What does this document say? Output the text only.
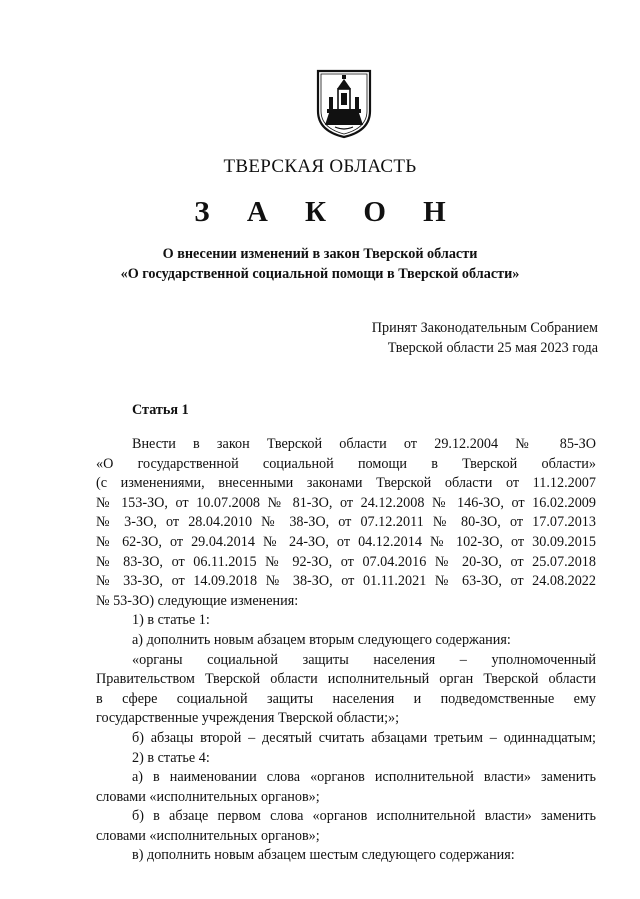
ТВЕРСКАЯ ОБЛАСТЬ
З А К О Н
О внесении изменений в закон Тверской области
«О государственной социальной помощи в Тверской области»
Принят Законодательным Собранием
Тверской области 25 мая 2023 года
Статья 1
Внести в закон Тверской области от 29.12.2004 № 85-ЗО
«О государственной социальной помощи в Тверской области»
(с изменениями, внесенными законами Тверской области от 11.12.2007
№ 153-ЗО, от 10.07.2008 № 81-ЗО, от 24.12.2008 № 146-ЗО, от 16.02.2009
№ 3-ЗО, от 28.04.2010 № 38-ЗО, от 07.12.2011 № 80-ЗО, от 17.07.2013
№ 62-ЗО, от 29.04.2014 № 24-ЗО, от 04.12.2014 № 102-ЗО, от 30.09.2015
№ 83-ЗО, от 06.11.2015 № 92-ЗО, от 07.04.2016 № 20-ЗО, от 25.07.2018
№ 33-ЗО, от 14.09.2018 № 38-ЗО, от 01.11.2021 № 63-ЗО, от 24.08.2022
№ 53-ЗО) следующие изменения:
1) в статье 1:
а) дополнить новым абзацем вторым следующего содержания:
«органы социальной защиты населения – уполномоченный
Правительством Тверской области исполнительный орган Тверской области
в сфере социальной защиты населения и подведомственные ему
государственные учреждения Тверской области;»;
б) абзацы второй – десятый считать абзацами третьим – одиннадцатым;
2) в статье 4:
а) в наименовании слова «органов исполнительной власти» заменить
словами «исполнительных органов»;
б) в абзаце первом слова «органов исполнительной власти» заменить
словами «исполнительных органов»;
в) дополнить новым абзацем шестым следующего содержания:
